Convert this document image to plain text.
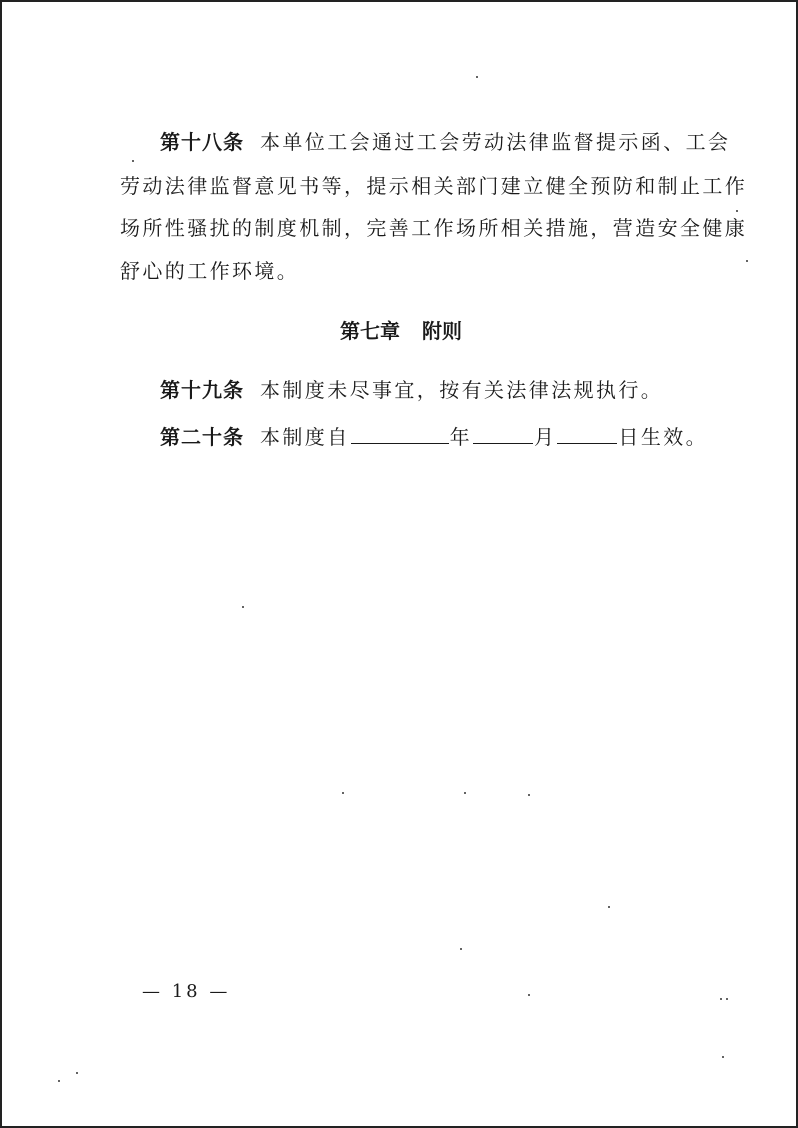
第十八条 本单位工会通过工会劳动法律监督提示函、工会
劳动法律监督意见书等，提示相关部门建立健全预防和制止工作
场所性骚扰的制度机制，完善工作场所相关措施，营造安全健康
舒心的工作环境。
第七章 附则
第十九条 本制度未尽事宜，按有关法律法规执行。
第二十条 本制度自	年	月	日生效。
— 18 —
